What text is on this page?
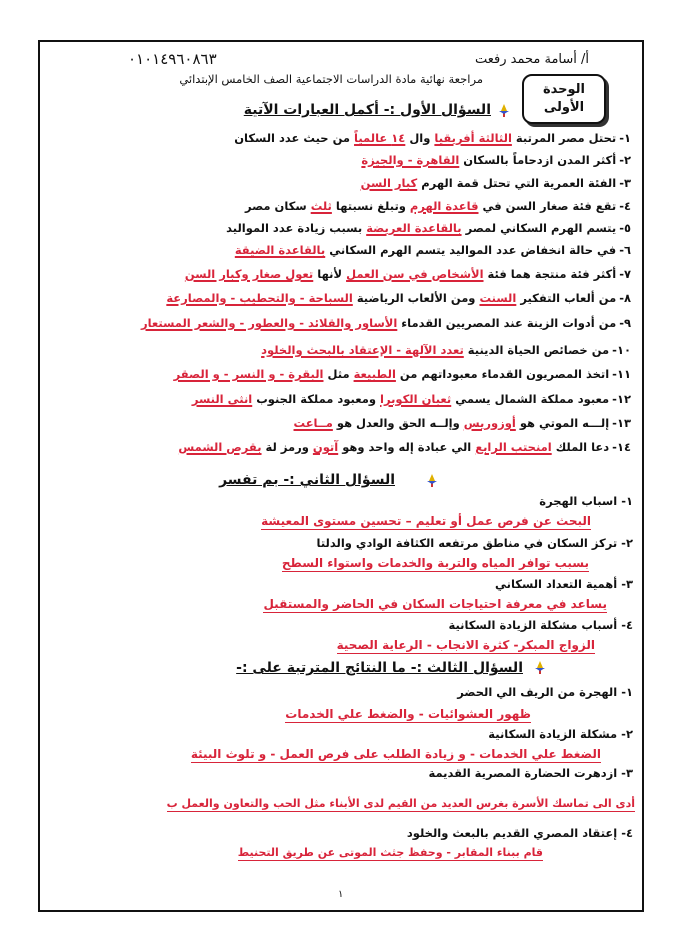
٠١٠١٤٩٦٠٨٦٣	أ/ أسامة محمد رفعت
مراجعة نهائية مادة الدراسات الاجتماعية الصف الخامس الإبتدائي
الوحدة
الأولى
السؤال الأول :- أكمل العبارات الآتية
١-تحتل مصر المرتبة الثالثة أفريقيا وال ١٤ عالمياً من حيث عدد السكان
٢-أكثر المدن ازدحاماً بالسكان القاهرة - والجيزة
٣-الفئة العمرية التي تحتل قمة الهرم كبار السن
٤-تقع فئة صغار السن في قاعدة الهرم وتبلغ نسبتها ثلث سكان مصر
٥-يتسم الهرم السكاني لمصر بالقاعدة العريضة بسبب زيادة عدد المواليد
٦-في حالة انخفاض عدد المواليد يتسم الهرم السكاني بالقاعدة الضيقة
٧-أكثر فئة منتجة هما فئة الأشخاص في سن العمل لأنها تعول صغار وكبار السن
٨-من ألعاب التفكير السنت ومن الألعاب الرياضية السباحة - والتحطيب - والمصارعة
٩-من أدوات الزينة عند المصريين القدماء الأساور والقلائد - والعطور - والشعر المستعار
١٠-من خصائص الحياة الدينية تعدد الآلهة - الإعتقاد بالبحث والخلود
١١-اتخذ المصريون القدماء معبوداتهم من الطبيعة مثل البقرة - و النسر - و الصقر
١٢-معبود مملكة الشمال يسمي ثعبان الكوبرا ومعبود مملكة الجنوب انثى النسر
١٣-إلـــه الموتي هو أوزوريس وإلــه الحق والعدل هو مــاعت
١٤-دعا الملك امنحتب الرابع الي عبادة إله واحد وهو آتون ورمز لة بقرص الشمس
السؤال الثاني :- بم تفسر
١- اسباب الهجرة
البحث عن فرص عمل أو تعليم – تحسين مستوى المعيشة
٢- تركز السكان في مناطق مرتفعه الكثافة الوادي والدلتا
بسبب توافر المياه والتربة والخدمات واستواء السطح
٣- أهمية التعداد السكاني
يساعد في معرفة احتياجات السكان في الحاضر والمستقبل
٤- أسباب مشكلة الزيادة السكانية
الزواج المبكر- كثرة الانجاب - الرعاية الصحية
السؤال الثالث :- ما النتائج المترتبة على :-
١- الهجرة من الريف الي الحضر
ظهور العشوائيات - والضغط علي الخدمات
٢- مشكلة الزيادة السكانية
الضغط علي الخدمات - و زيادة الطلب على فرص العمل - و تلوث البيئة
٣- ازدهرت الحضارة المصرية القديمة
أدى الى تماسك الأسرة بغرس العديد من القيم لدى الأبناء مثل الحب والتعاون والعمل ب
٤- إعتقاد المصري القديم بالبعث والخلود
قام ببناء المقابر - وحفظ جثث الموتى عن طريق التحنيط
١
